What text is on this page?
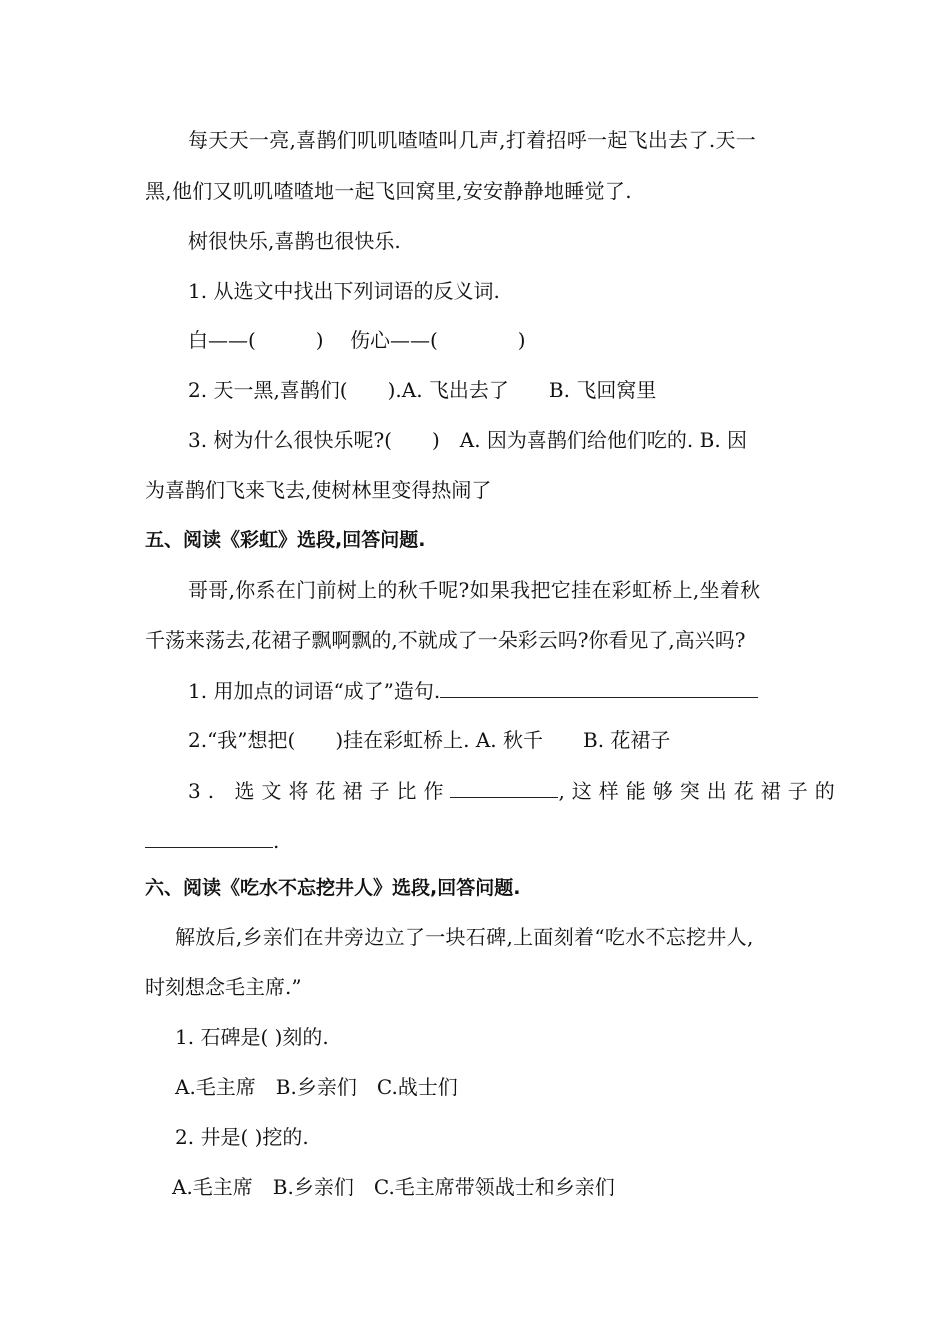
每天天一亮,喜鹊们叽叽喳喳叫几声,打着招呼一起飞出去了.天一
黑,他们又叽叽喳喳地一起飞回窝里,安安静静地睡觉了.
树很快乐,喜鹊也很快乐.
1. 从选文中找出下列词语的反义词.
白——(　　　)　 伤心——(　　　　)
2. 天一黑,喜鹊们(　　).A. 飞出去了　　B. 飞回窝里
3. 树为什么很快乐呢?(　　)　A. 因为喜鹊们给他们吃的. B. 因
为喜鹊们飞来飞去,使树林里变得热闹了
五、阅读《彩虹》选段,回答问题.
哥哥,你系在门前树上的秋千呢?如果我把它挂在彩虹桥上,坐着秋
千荡来荡去,花裙子飘啊飘的,不就成了一朵彩云吗?你看见了,高兴吗?
1. 用加点的词语“成了”造句.
2.“我”想把(　　)挂在彩虹桥上. A. 秋千　　B. 花裙子
3. 选文将花裙子比作	,这样能够突出花裙子的
.
六、阅读《吃水不忘挖井人》选段,回答问题.
解放后,乡亲们在井旁边立了一块石碑,上面刻着“吃水不忘挖井人,
时刻想念毛主席.”
1. 石碑是( )刻的.
A.毛主席　B.乡亲们　C.战士们
2. 井是( )挖的.
A.毛主席　B.乡亲们　C.毛主席带领战士和乡亲们
